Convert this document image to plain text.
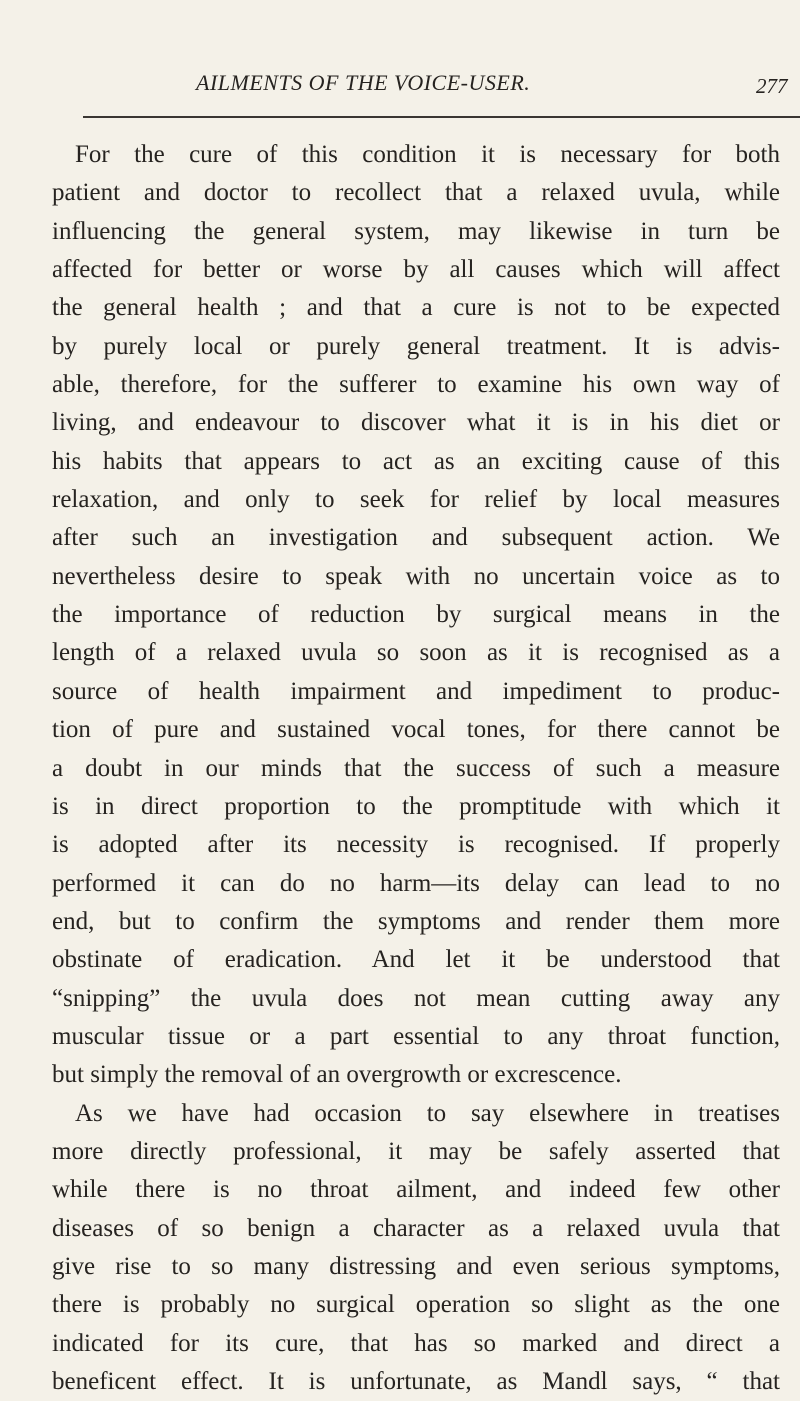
AILMENTS OF THE VOICE-USER.	277
For the cure of this condition it is necessary for both
patient and doctor to recollect that a relaxed uvula, while
influencing the general system, may likewise in turn be
affected for better or worse by all causes which will affect
the general health ; and that a cure is not to be expected
by purely local or purely general treatment. It is advis-
able, therefore, for the sufferer to examine his own way of
living, and endeavour to discover what it is in his diet or
his habits that appears to act as an exciting cause of this
relaxation, and only to seek for relief by local measures
after such an investigation and subsequent action. We
nevertheless desire to speak with no uncertain voice as to
the importance of reduction by surgical means in the
length of a relaxed uvula so soon as it is recognised as a
source of health impairment and impediment to produc-
tion of pure and sustained vocal tones, for there cannot be
a doubt in our minds that the success of such a measure
is in direct proportion to the promptitude with which it
is adopted after its necessity is recognised. If properly
performed it can do no harm—its delay can lead to no
end, but to confirm the symptoms and render them more
obstinate of eradication. And let it be understood that
“snipping” the uvula does not mean cutting away any
muscular tissue or a part essential to any throat function,
but simply the removal of an overgrowth or excrescence.
As we have had occasion to say elsewhere in treatises
more directly professional, it may be safely asserted that
while there is no throat ailment, and indeed few other
diseases of so benign a character as a relaxed uvula that
give rise to so many distressing and even serious symptoms,
there is probably no surgical operation so slight as the one
indicated for its cure, that has so marked and direct a
beneficent effect. It is unfortunate, as Mandl says, “ that
